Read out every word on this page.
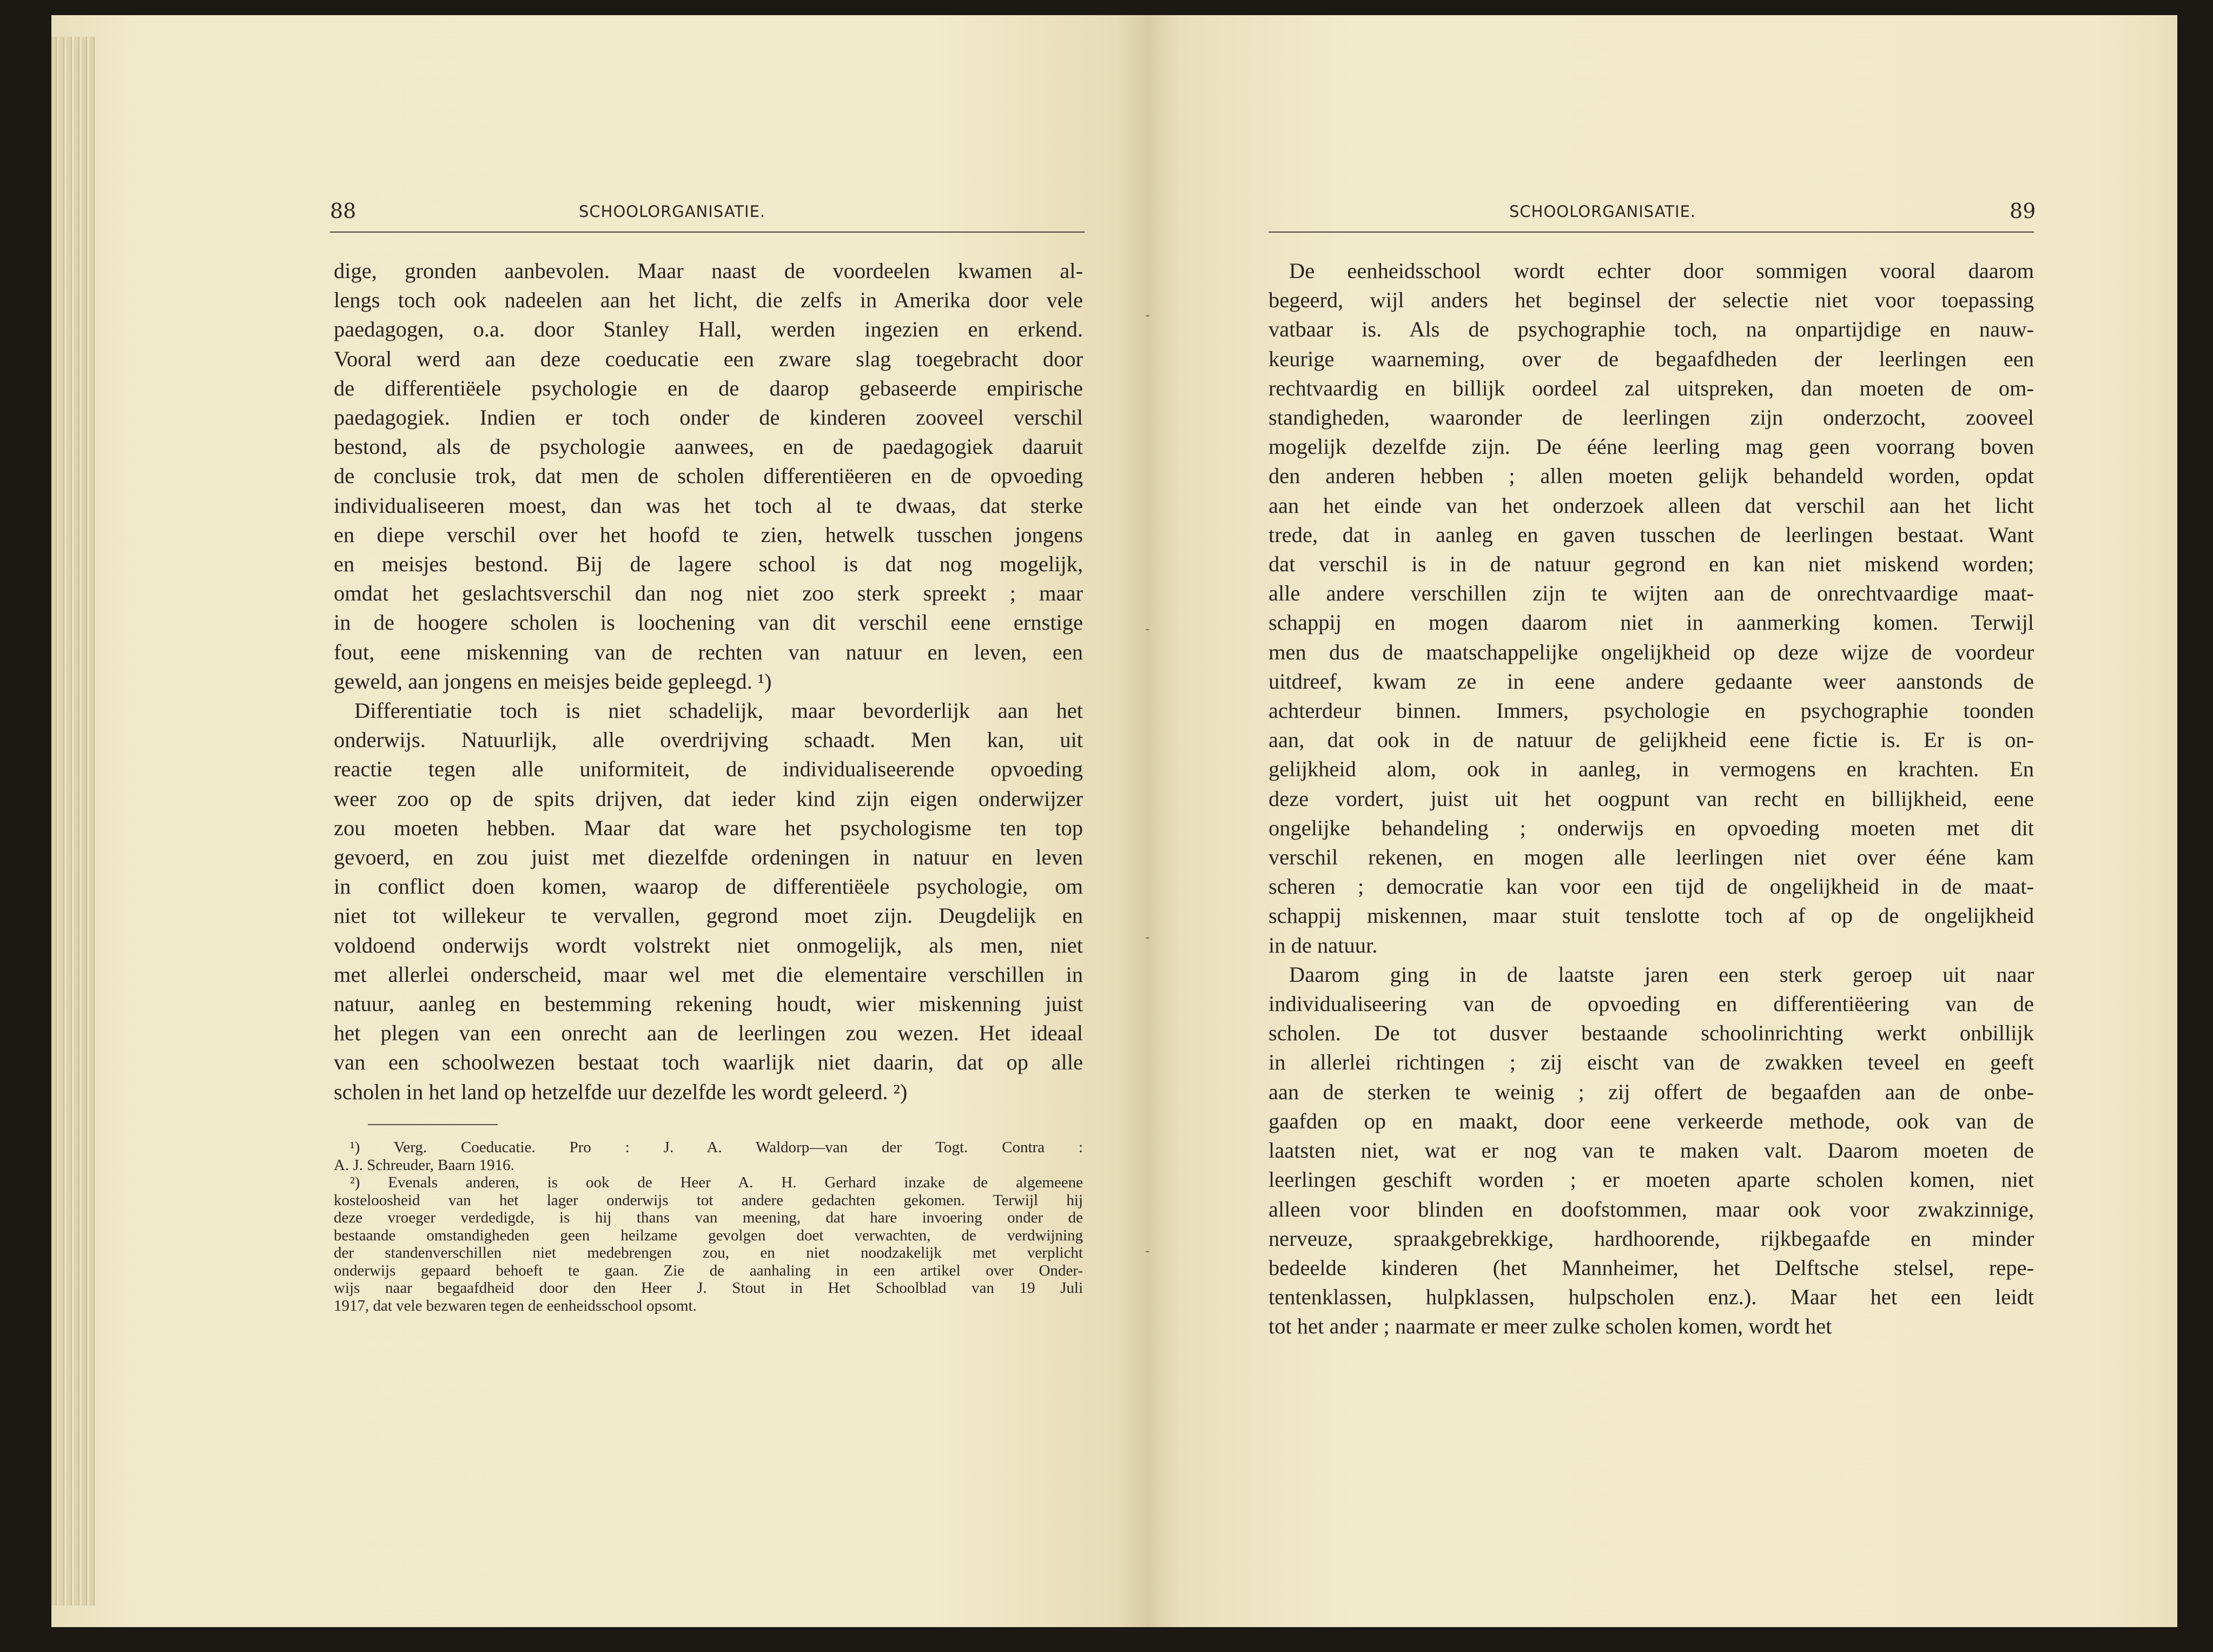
88	SCHOOLORGANISATIE.

dige, gronden aanbevolen. Maar naast de voordeelen kwamen al-

lengs toch ook nadeelen aan het licht, die zelfs in Amerika door vele

paedagogen, o.a. door Stanley Hall, werden ingezien en erkend.

Vooral werd aan deze coeducatie een zware slag toegebracht door

de differentiëele psychologie en de daarop gebaseerde empirische

paedagogiek. Indien er toch onder de kinderen zooveel verschil

bestond, als de psychologie aanwees, en de paedagogiek daaruit

de conclusie trok, dat men de scholen differentiëeren en de opvoeding

individualiseeren moest, dan was het toch al te dwaas, dat sterke

en diepe verschil over het hoofd te zien, hetwelk tusschen jongens

en meisjes bestond. Bij de lagere school is dat nog mogelijk,

omdat het geslachtsverschil dan nog niet zoo sterk spreekt ; maar

in de hoogere scholen is loochening van dit verschil eene ernstige

fout, eene miskenning van de rechten van natuur en leven, een

geweld, aan jongens en meisjes beide gepleegd. ¹)

Differentiatie toch is niet schadelijk, maar bevorderlijk aan het

onderwijs. Natuurlijk, alle overdrijving schaadt. Men kan, uit

reactie tegen alle uniformiteit, de individualiseerende opvoeding

weer zoo op de spits drijven, dat ieder kind zijn eigen onderwijzer

zou moeten hebben. Maar dat ware het psychologisme ten top

gevoerd, en zou juist met diezelfde ordeningen in natuur en leven

in conflict doen komen, waarop de differentiëele psychologie, om

niet tot willekeur te vervallen, gegrond moet zijn. Deugdelijk en

voldoend onderwijs wordt volstrekt niet onmogelijk, als men, niet

met allerlei onderscheid, maar wel met die elementaire verschillen in

natuur, aanleg en bestemming rekening houdt, wier miskenning juist

het plegen van een onrecht aan de leerlingen zou wezen. Het ideaal

van een schoolwezen bestaat toch waarlijk niet daarin, dat op alle

scholen in het land op hetzelfde uur dezelfde les wordt geleerd. ²)

¹) Verg. Coeducatie. Pro : J. A. Waldorp—van der Togt. Contra :

A. J. Schreuder, Baarn 1916.

²) Evenals anderen, is ook de Heer A. H. Gerhard inzake de algemeene

kosteloosheid van het lager onderwijs tot andere gedachten gekomen. Terwijl hij

deze vroeger verdedigde, is hij thans van meening, dat hare invoering onder de

bestaande omstandigheden geen heilzame gevolgen doet verwachten, de verdwijning

der standenverschillen niet medebrengen zou, en niet noodzakelijk met verplicht

onderwijs gepaard behoeft te gaan. Zie de aanhaling in een artikel over Onder-

wijs naar begaafdheid door den Heer J. Stout in Het Schoolblad van 19 Juli

1917, dat vele bezwaren tegen de eenheidsschool opsomt.

SCHOOLORGANISATIE.	89

De eenheidsschool wordt echter door sommigen vooral daarom

begeerd, wijl anders het beginsel der selectie niet voor toepassing

vatbaar is. Als de psychographie toch, na onpartijdige en nauw-

keurige waarneming, over de begaafdheden der leerlingen een

rechtvaardig en billijk oordeel zal uitspreken, dan moeten de om-

standigheden, waaronder de leerlingen zijn onderzocht, zooveel

mogelijk dezelfde zijn. De ééne leerling mag geen voorrang boven

den anderen hebben ; allen moeten gelijk behandeld worden, opdat

aan het einde van het onderzoek alleen dat verschil aan het licht

trede, dat in aanleg en gaven tusschen de leerlingen bestaat. Want

dat verschil is in de natuur gegrond en kan niet miskend worden;

alle andere verschillen zijn te wijten aan de onrechtvaardige maat-

schappij en mogen daarom niet in aanmerking komen. Terwijl

men dus de maatschappelijke ongelijkheid op deze wijze de voordeur

uitdreef, kwam ze in eene andere gedaante weer aanstonds de

achterdeur binnen. Immers, psychologie en psychographie toonden

aan, dat ook in de natuur de gelijkheid eene fictie is. Er is on-

gelijkheid alom, ook in aanleg, in vermogens en krachten. En

deze vordert, juist uit het oogpunt van recht en billijkheid, eene

ongelijke behandeling ; onderwijs en opvoeding moeten met dit

verschil rekenen, en mogen alle leerlingen niet over ééne kam

scheren ; democratie kan voor een tijd de ongelijkheid in de maat-

schappij miskennen, maar stuit tenslotte toch af op de ongelijkheid

in de natuur.

Daarom ging in de laatste jaren een sterk geroep uit naar

individualiseering van de opvoeding en differentiëering van de

scholen. De tot dusver bestaande schoolinrichting werkt onbillijk

in allerlei richtingen ; zij eischt van de zwakken teveel en geeft

aan de sterken te weinig ; zij offert de begaafden aan de onbe-

gaafden op en maakt, door eene verkeerde methode, ook van de

laatsten niet, wat er nog van te maken valt. Daarom moeten de

leerlingen geschift worden ; er moeten aparte scholen komen, niet

alleen voor blinden en doofstommen, maar ook voor zwakzinnige,

nerveuze, spraakgebrekkige, hardhoorende, rijkbegaafde en minder

bedeelde kinderen (het Mannheimer, het Delftsche stelsel, repe-

tentenklassen, hulpklassen, hulpscholen enz.). Maar het een leidt

tot het ander ; naarmate er meer zulke scholen komen, wordt het

‐
‐
‐
‐
